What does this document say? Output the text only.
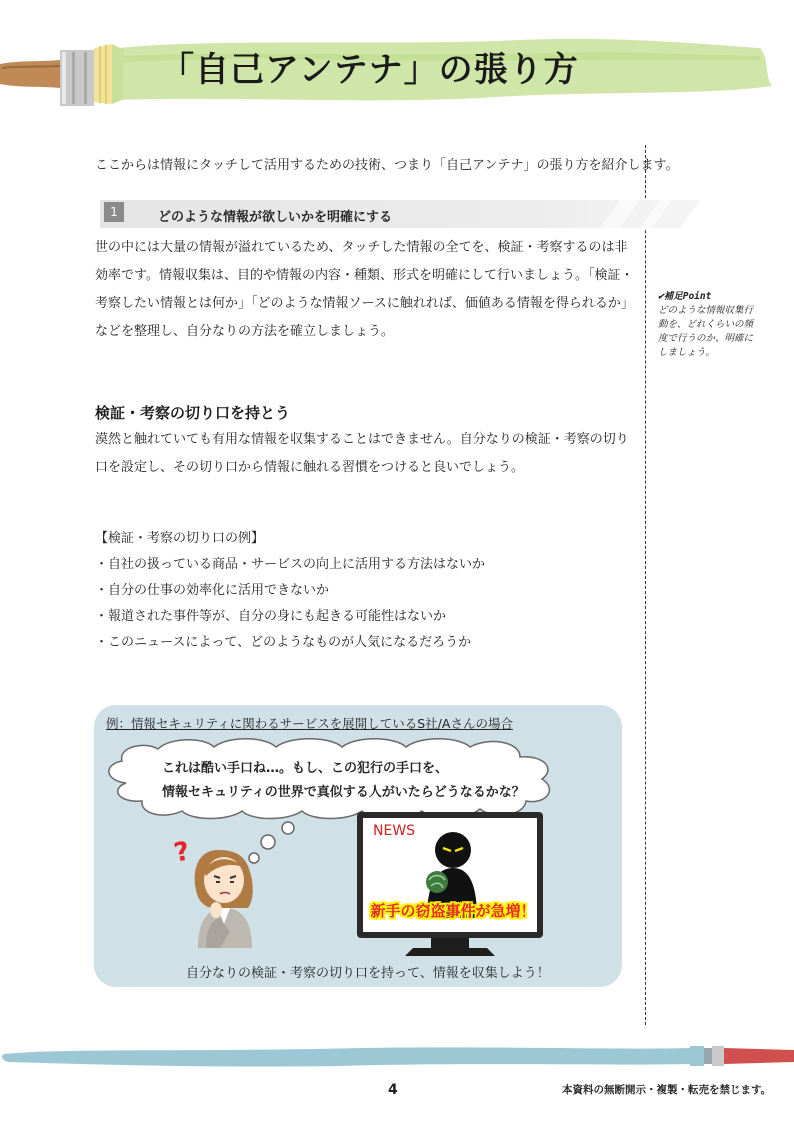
「自己アンテナ」の張り方
ここからは情報にタッチして活用するための技術、つまり「自己アンテナ」の張り方を紹介します。
1	どのような情報が欲しいかを明確にする
世の中には大量の情報が溢れているため、タッチした情報の全てを、検証・考察するのは非効率です。情報収集は、目的や情報の内容・種類、形式を明確にして行いましょう。「検証・考察したい情報とは何か」「どのような情報ソースに触れれば、価値ある情報を得られるか」などを整理し、自分なりの方法を確立しましょう。
✔補足Point
どのような情報収集行動を、どれくらいの頻度で行うのか、明確にしましょう。
検証・考察の切り口を持とう
漠然と触れていても有用な情報を収集することはできません。自分なりの検証・考察の切り口を設定し、その切り口から情報に触れる習慣をつけると良いでしょう。
【検証・考察の切り口の例】
・自社の扱っている商品・サービスの向上に活用する方法はないか
・自分の仕事の効率化に活用できないか
・報道された事件等が、自分の身にも起きる可能性はないか
・このニュースによって、どのようなものが人気になるだろうか
例：情報セキュリティに関わるサービスを展開しているS社/Aさんの場合
これは酷い手口ね…。もし、この犯行の手口を、
情報セキュリティの世界で真似する人がいたらどうなるかな？
?
NEWS
新手の窃盗事件が急増！
自分なりの検証・考察の切り口を持って、情報を収集しよう！
4	本資料の無断開示・複製・転売を禁じます。
